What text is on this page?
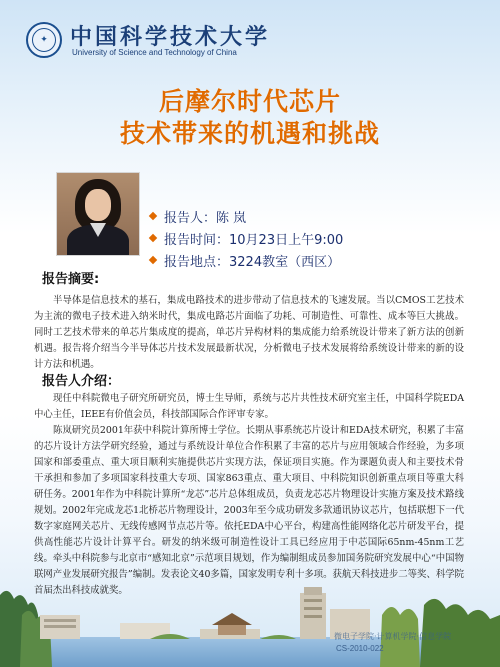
✦	中国科学技术大学
University of Science and Technology of China
后摩尔时代芯片
技术带来的机遇和挑战
报告人：陈 岚
报告时间：10月23日上午9:00
报告地点：3224教室（西区）
报告摘要:
半导体是信息技术的基石，集成电路技术的进步带动了信息技术的飞速发展。当以CMOS工艺技术为主流的微电子技术进入纳米时代，集成电路芯片面临了功耗、可制造性、可靠性、成本等巨大挑战。同时工艺技术带来的单芯片集成度的提高，单芯片异构材料的集成能力给系统设计带来了新方法的创新机遇。报告将介绍当今半导体芯片技术发展最新状况，分析微电子技术发展将给系统设计带来的新的设计方法和机遇。
报告人介绍：
现任中科院微电子研究所研究员，博士生导师，系统与芯片共性技术研究室主任，中国科学院EDA中心主任，IEEE有价值会员，科技部国际合作评审专家。
陈岚研究员2001年获中科院计算所博士学位。长期从事系统芯片设计和EDA技术研究，积累了丰富的芯片设计方法学研究经验，通过与系统设计单位合作积累了丰富的芯片与应用领域合作经验，为多项国家和部委重点、重大项目顺利实施提供芯片实现方法，保证项目实施。作为课题负责人和主要技术骨干承担和参加了多项国家科技重大专项、国家863重点、重大项目、中科院知识创新重点项目等重大科研任务。2001年作为中科院计算所“龙芯”芯片总体组成员，负责龙芯芯片物理设计实施方案及技术路线规划。2002年完成龙芯1北桥芯片物理设计，2003年至今成功研发多款通讯协议芯片，包括联想下一代数字家庭网关芯片、无线传感网节点芯片等。依托EDA中心平台，构建高性能网络化芯片研发平台，提供高性能芯片设计计算平台。研发的纳米级可制造性设计工具已经应用于中芯国际65nm-45nm工艺线。牵头中科院参与北京市“感知北京”示范项目规划，作为编制组成员参加国务院研究发展中心“中国物联网产业发展研究报告”编制。发表论文40多篇，国家发明专利十多项。获航天科技进步二等奖、科学院首届杰出科技成就奖。
微电子学院·计算机学院·信息学院
CS-2010-022
